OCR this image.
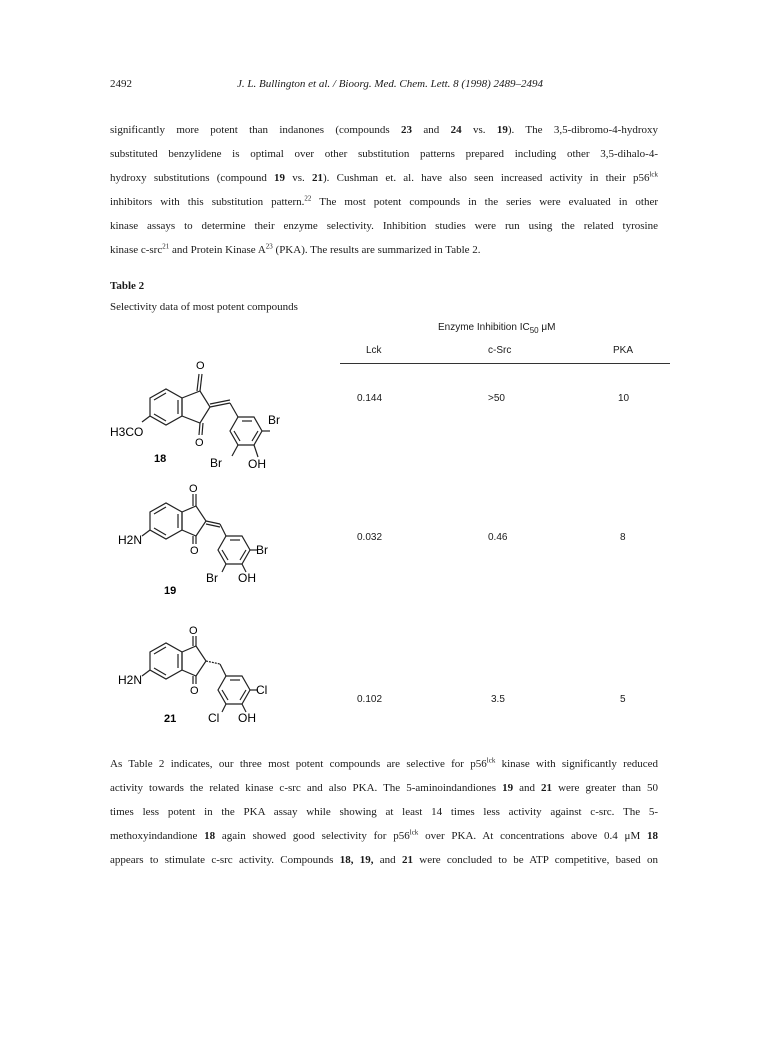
2492	J. L. Bullington et al. / Bioorg. Med. Chem. Lett. 8 (1998) 2489–2494
significantly more potent than indanones (compounds 23 and 24 vs. 19). The 3,5-dibromo-4-hydroxy
substituted benzylidene is optimal over other substitution patterns prepared including other 3,5-dihalo-4-
hydroxy substitutions (compound 19 vs. 21). Cushman et. al. have also seen increased activity in their $p56^{lck}$
inhibitors with this substitution pattern.$^{22}$ The most potent compounds in the series were evaluated in other
kinase assays to determine their enzyme selectivity. Inhibition studies were run using the related tyrosine
kinase c-src$^{21}$ and Protein Kinase $A^{23}$ (PKA). The results are summarized in Table 2.
Table 2
Selectivity data of most potent compounds
Enzyme Inhibition $IC_{50}$ μM
Lck	c-Src	PKA
0.144	>50	10
0.032	0.46	8
0.102	3.5	5
O
O
H3CO
Br
Br OH
18
O
O
H2N
Br
Br OH
19
O
O
H2N
Cl
Cl OH
21
As Table 2 indicates, our three most potent compounds are selective for $p56^{lck}$ kinase with significantly reduced
activity towards the related kinase c-src and also PKA. The 5-aminoindandiones 19 and 21 were greater than 50
times less potent in the PKA assay while showing at least 14 times less activity against c-src. The 5-
methoxyindandione 18 again showed good selectivity for $p56^{lck}$ over PKA. At concentrations above 0.4 μM 18
appears to stimulate c-src activity. Compounds 18, 19, and 21 were concluded to be ATP competitive, based on
